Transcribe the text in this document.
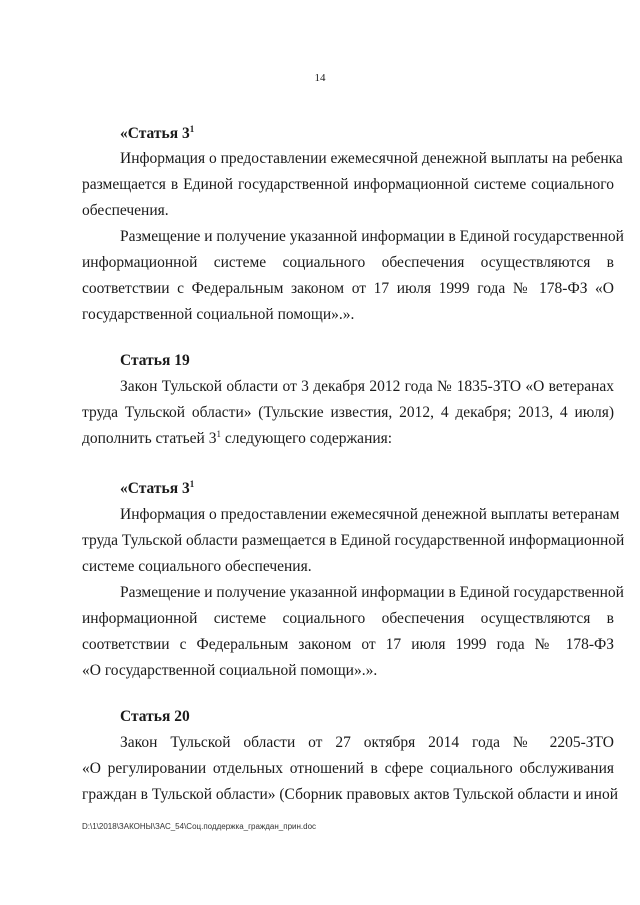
14
«Статья $3^1$
Информация о предоставлении ежемесячной денежной выплаты на ребенка
размещается в Единой государственной информационной системе социального
обеспечения.
Размещение и получение указанной информации в Единой государственной
информационной системе социального обеспечения осуществляются в
соответствии с Федеральным законом от 17 июля 1999 года № 178-ФЗ «О
государственной социальной помощи».».
Статья 19
Закон Тульской области от 3 декабря 2012 года № 1835-ЗТО «О ветеранах
труда Тульской области» (Тульские известия, 2012, 4 декабря; 2013, 4 июля)
дополнить статьей $3^1$ следующего содержания:
«Статья $3^1$
Информация о предоставлении ежемесячной денежной выплаты ветеранам
труда Тульской области размещается в Единой государственной информационной
системе социального обеспечения.
Размещение и получение указанной информации в Единой государственной
информационной системе социального обеспечения осуществляются в
соответствии с Федеральным законом от 17 июля 1999 года № 178-ФЗ
«О государственной социальной помощи».».
Статья 20
Закон Тульской области от 27 октября 2014 года № 2205-ЗТО
«О регулировании отдельных отношений в сфере социального обслуживания
граждан в Тульской области» (Сборник правовых актов Тульской области и иной
D:\1\2018\ЗАКОНЫ\ЗАС_54\Соц.поддержка_граждан_прин.doc
